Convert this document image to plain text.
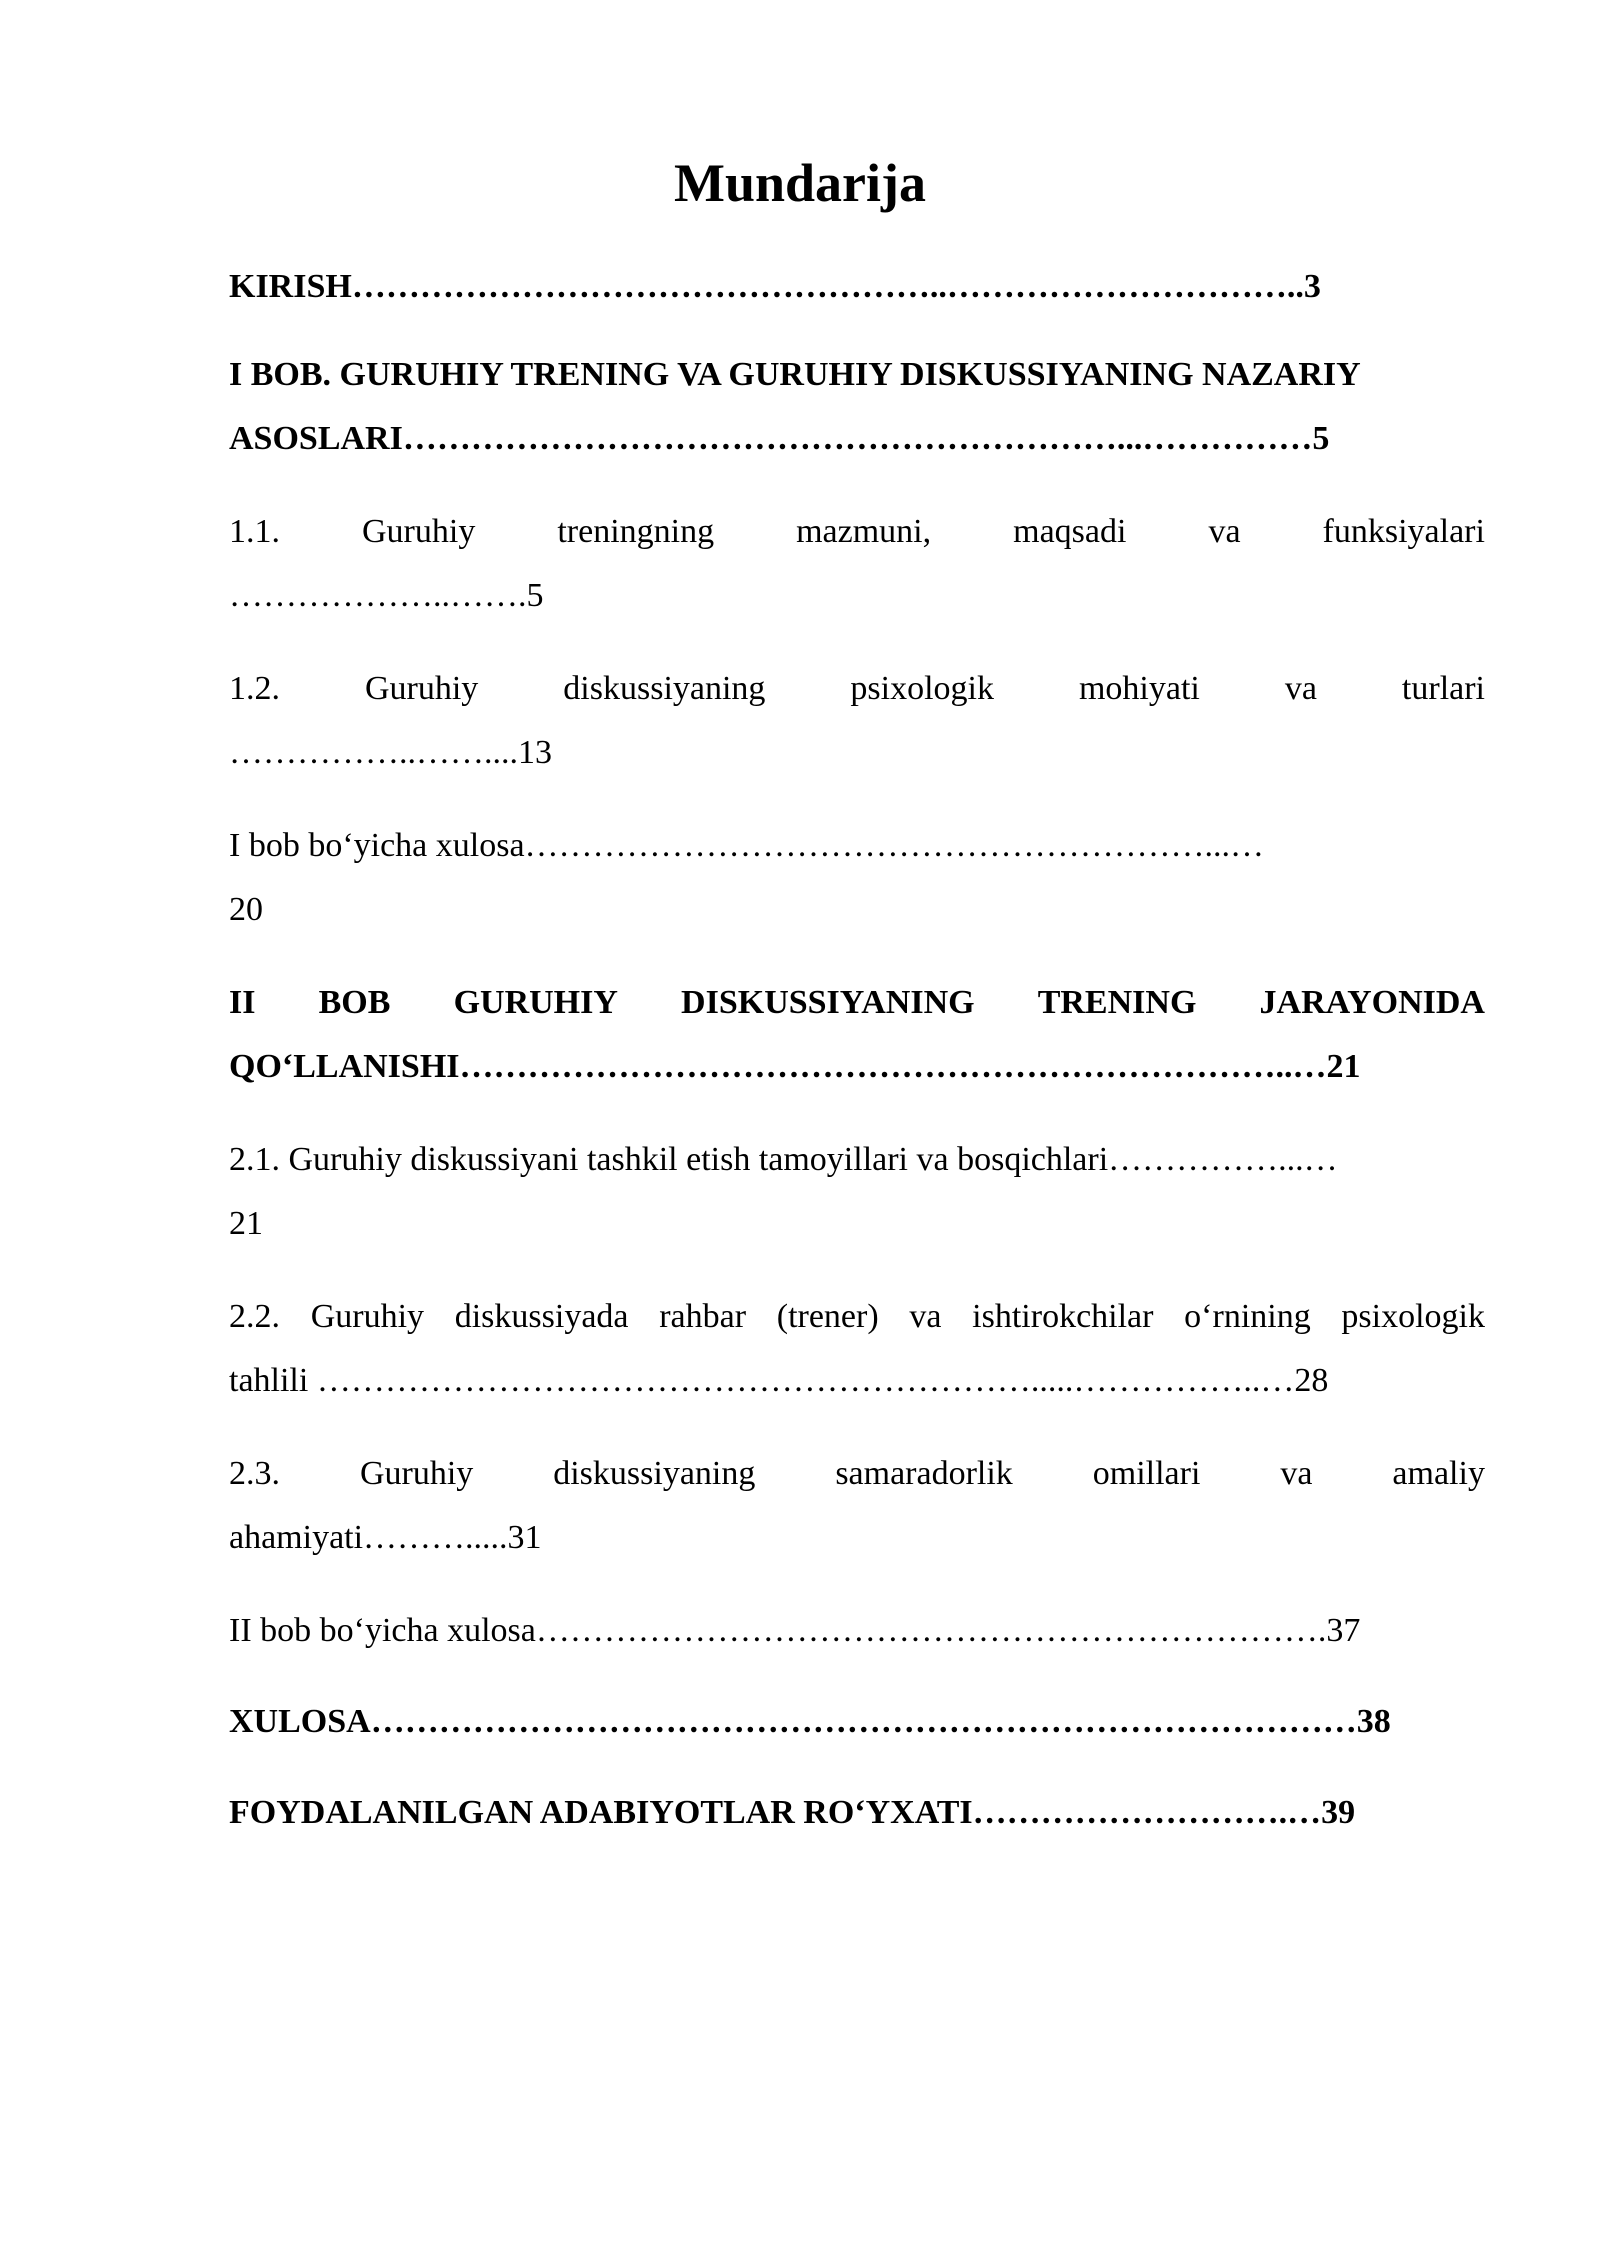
Mundarija
KIRISH……………………………………………..…………………………..3
I BOB. GURUHIY TRENING VA GURUHIY DISKUSSIYANING NAZARIY
ASOSLARI………………………………………………………...……………5
1.1. Guruhiy treningning mazmuni, maqsadi va funksiyalari
………………..…….5
1.2. Guruhiy diskussiyaning psixologik mohiyati va turlari
……………..……....13
I bob bo‘yicha xulosa……………………………………………………...…
20
II BOB GURUHIY DISKUSSIYANING TRENING JARAYONIDA
QO‘LLANISHI………………………………………………………………..…21
2.1. Guruhiy diskussiyani tashkil etish tamoyillari va bosqichlari……………...…
21
2.2. Guruhiy diskussiyada rahbar (trener) va ishtirokchilar o‘rnining psixologik
tahlili ……………………………………………………….....……………..…28
2.3. Guruhiy diskussiyaning samaradorlik omillari va amaliy
ahamiyati……….....31
II bob bo‘yicha xulosa…………………………………………………………….37
XULOSA……………………………………………………………………………38
FOYDALANILGAN ADABIYOTLAR RO‘YXATI……………………….…39
